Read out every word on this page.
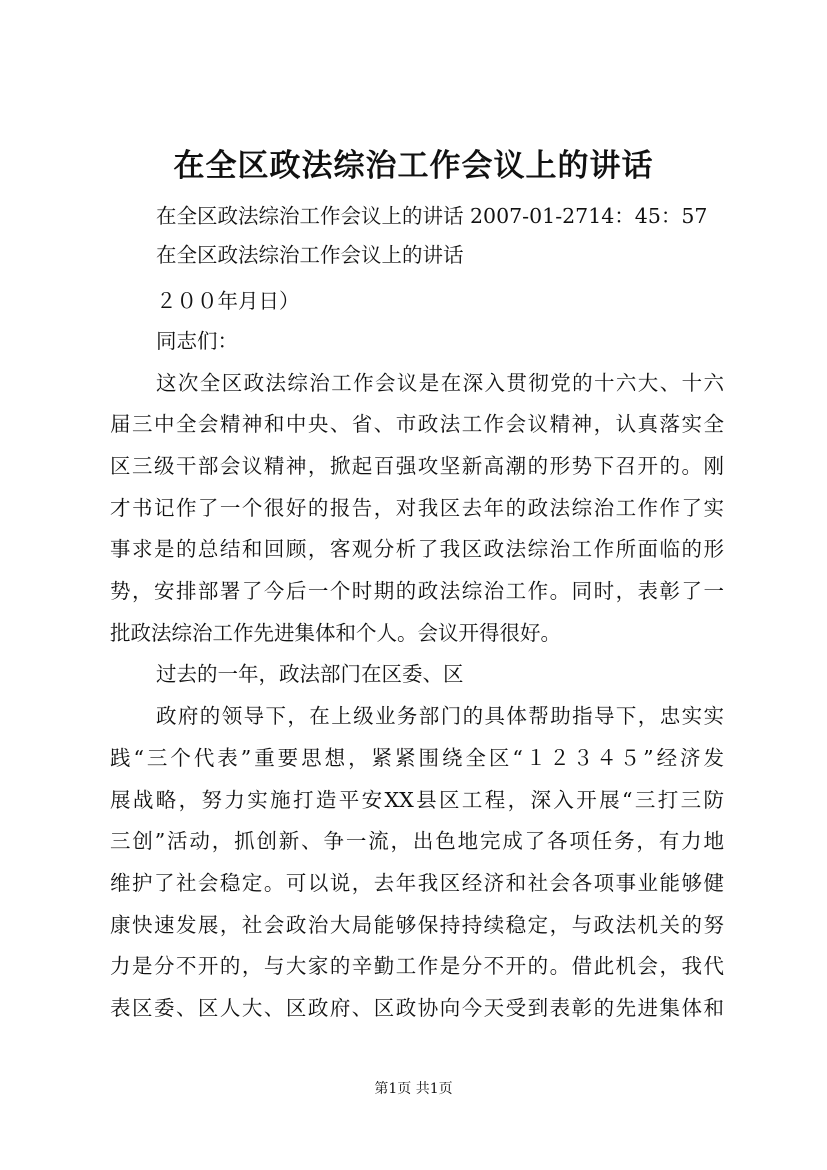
在全区政法综治工作会议上的讲话
在全区政法综治工作会议上的讲话 2007-01-2714：45：57
在全区政法综治工作会议上的讲话
２００年月日）
同志们：
这次全区政法综治工作会议是在深入贯彻党的十六大、十六
届三中全会精神和中央、省、市政法工作会议精神，认真落实全
区三级干部会议精神，掀起百强攻坚新高潮的形势下召开的。刚
才书记作了一个很好的报告，对我区去年的政法综治工作作了实
事求是的总结和回顾，客观分析了我区政法综治工作所面临的形
势，安排部署了今后一个时期的政法综治工作。同时，表彰了一
批政法综治工作先进集体和个人。会议开得很好。
过去的一年，政法部门在区委、区
政府的领导下，在上级业务部门的具体帮助指导下，忠实实
践“三个代表”重要思想，紧紧围绕全区“１２３４５”经济发
展战略，努力实施打造平安XX县区工程，深入开展“三打三防
三创”活动，抓创新、争一流，出色地完成了各项任务，有力地
维护了社会稳定。可以说，去年我区经济和社会各项事业能够健
康快速发展，社会政治大局能够保持持续稳定，与政法机关的努
力是分不开的，与大家的辛勤工作是分不开的。借此机会，我代
表区委、区人大、区政府、区政协向今天受到表彰的先进集体和
第1页 共1页
